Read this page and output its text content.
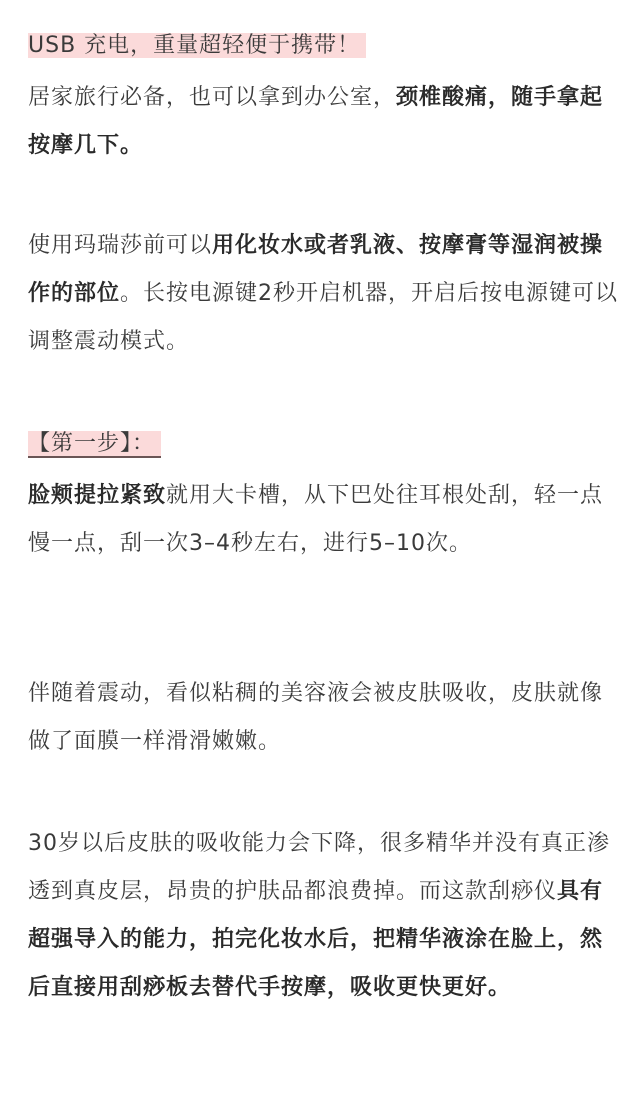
USB 充电，重量超轻便于携带！

居家旅行必备，也可以拿到办公室，颈椎酸痛，随手拿起按摩几下。

使用玛瑞莎前可以用化妆水或者乳液、按摩膏等湿润被操作的部位。长按电源键2秒开启机器，开启后按电源键可以调整震动模式。

【第一步】：

脸颊提拉紧致就用大卡槽，从下巴处往耳根处刮，轻一点慢一点，刮一次3–4秒左右，进行5–10次。

伴随着震动，看似粘稠的美容液会被皮肤吸收，皮肤就像做了面膜一样滑滑嫩嫩。

30岁以后皮肤的吸收能力会下降，很多精华并没有真正渗透到真皮层，昂贵的护肤品都浪费掉。而这款刮痧仪具有超强导入的能力，拍完化妆水后，把精华液涂在脸上，然后直接用刮痧板去替代手按摩，吸收更快更好。
